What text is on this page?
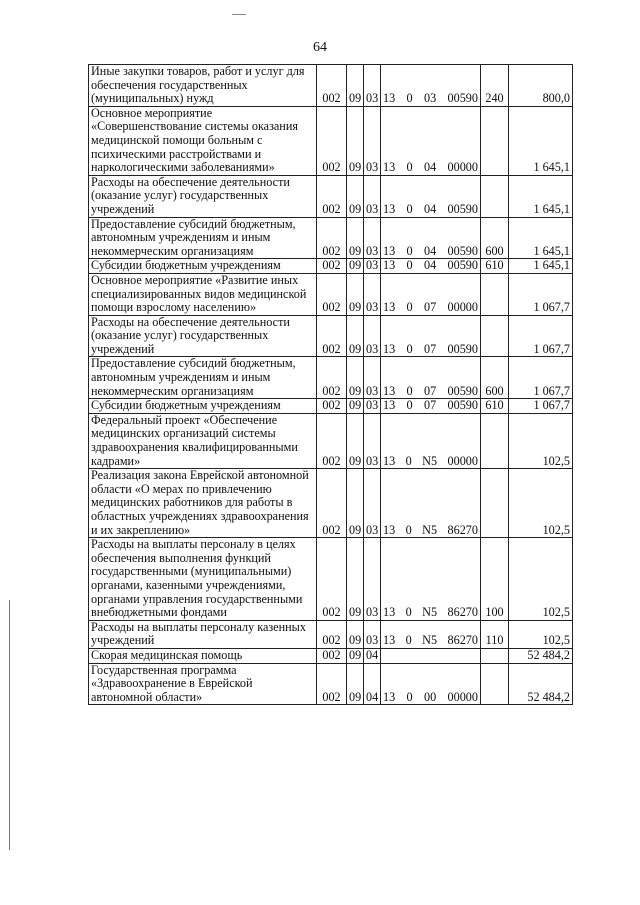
64
Иные закупки товаров, работ и услуг для обеспечения государственных (муниципальных) нужд	002	09	03	13 0 03 00590	240	800,0
Основное мероприятие «Совершенствование системы оказания медицинской помощи больным с психическими расстройствами и наркологическими заболеваниями»	002	09	03	13 0 04 00000		1 645,1
Расходы на обеспечение деятельности (оказание услуг) государственных учреждений	002	09	03	13 0 04 00590		1 645,1
Предоставление субсидий бюджетным, автономным учреждениям и иным некоммерческим организациям	002	09	03	13 0 04 00590	600	1 645,1
Субсидии бюджетным учреждениям	002	09	03	13 0 04 00590	610	1 645,1
Основное мероприятие «Развитие иных специализированных видов медицинской помощи взрослому населению»	002	09	03	13 0 07 00000		1 067,7
Расходы на обеспечение деятельности (оказание услуг) государственных учреждений	002	09	03	13 0 07 00590		1 067,7
Предоставление субсидий бюджетным, автономным учреждениям и иным некоммерческим организациям	002	09	03	13 0 07 00590	600	1 067,7
Субсидии бюджетным учреждениям	002	09	03	13 0 07 00590	610	1 067,7
Федеральный проект «Обеспечение медицинских организаций системы здравоохранения квалифицированными кадрами»	002	09	03	13 0 N5 00000		102,5
Реализация закона Еврейской автономной области «О мерах по привлечению медицинских работников для работы в областных учреждениях здравоохранения и их закреплению»	002	09	03	13 0 N5 86270		102,5
Расходы на выплаты персоналу в целях обеспечения выполнения функций государственными (муниципальными) органами, казенными учреждениями, органами управления государственными внебюджетными фондами	002	09	03	13 0 N5 86270	100	102,5
Расходы на выплаты персоналу казенных учреждений	002	09	03	13 0 N5 86270	110	102,5
Скорая медицинская помощь	002	09	04			52 484,2
Государственная программа «Здравоохранение в Еврейской автономной области»	002	09	04	13 0 00 00000		52 484,2
